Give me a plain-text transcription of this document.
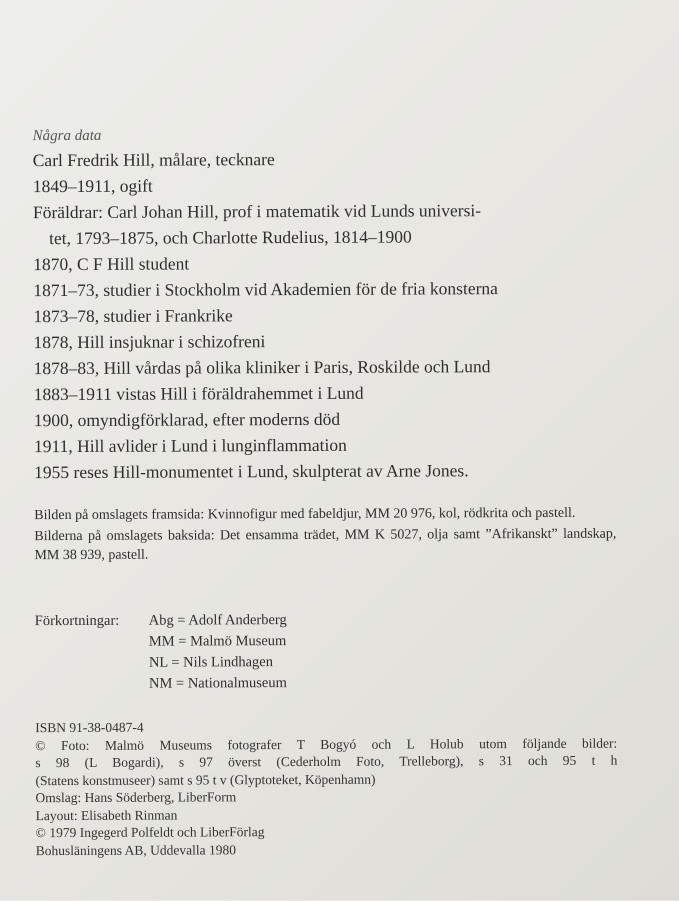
Några data
Carl Fredrik Hill, målare, tecknare
1849–1911, ogift
Föräldrar: Carl Johan Hill, prof i matematik vid Lunds universi-
tet, 1793–1875, och Charlotte Rudelius, 1814–1900
1870, C F Hill student
1871–73, studier i Stockholm vid Akademien för de fria konsterna
1873–78, studier i Frankrike
1878, Hill insjuknar i schizofreni
1878–83, Hill vårdas på olika kliniker i Paris, Roskilde och Lund
1883–1911 vistas Hill i föräldrahemmet i Lund
1900, omyndigförklarad, efter moderns död
1911, Hill avlider i Lund i lunginflammation
1955 reses Hill-monumentet i Lund, skulpterat av Arne Jones.
Bilden på omslagets framsida: Kvinnofigur med fabeldjur, MM 20 976, kol, rödkrita och pastell.
Bilderna på omslagets baksida: Det ensamma trädet, MM K 5027, olja samt ”Afrikanskt” landskap, MM 38 939, pastell.
Förkortningar:	Abg = Adolf Anderberg
MM = Malmö Museum
NL = Nils Lindhagen
NM = Nationalmuseum
ISBN 91-38-0487-4
© Foto: Malmö Museums fotografer T Bogyó och L Holub utom följande bilder:
s 98 (L Bogardi), s 97 överst (Cederholm Foto, Trelleborg), s 31 och 95 t h
(Statens konstmuseer) samt s 95 t v (Glyptoteket, Köpenhamn)
Omslag: Hans Söderberg, LiberForm
Layout: Elisabeth Rinman
© 1979 Ingegerd Polfeldt och LiberFörlag
Bohusläningens AB, Uddevalla 1980
